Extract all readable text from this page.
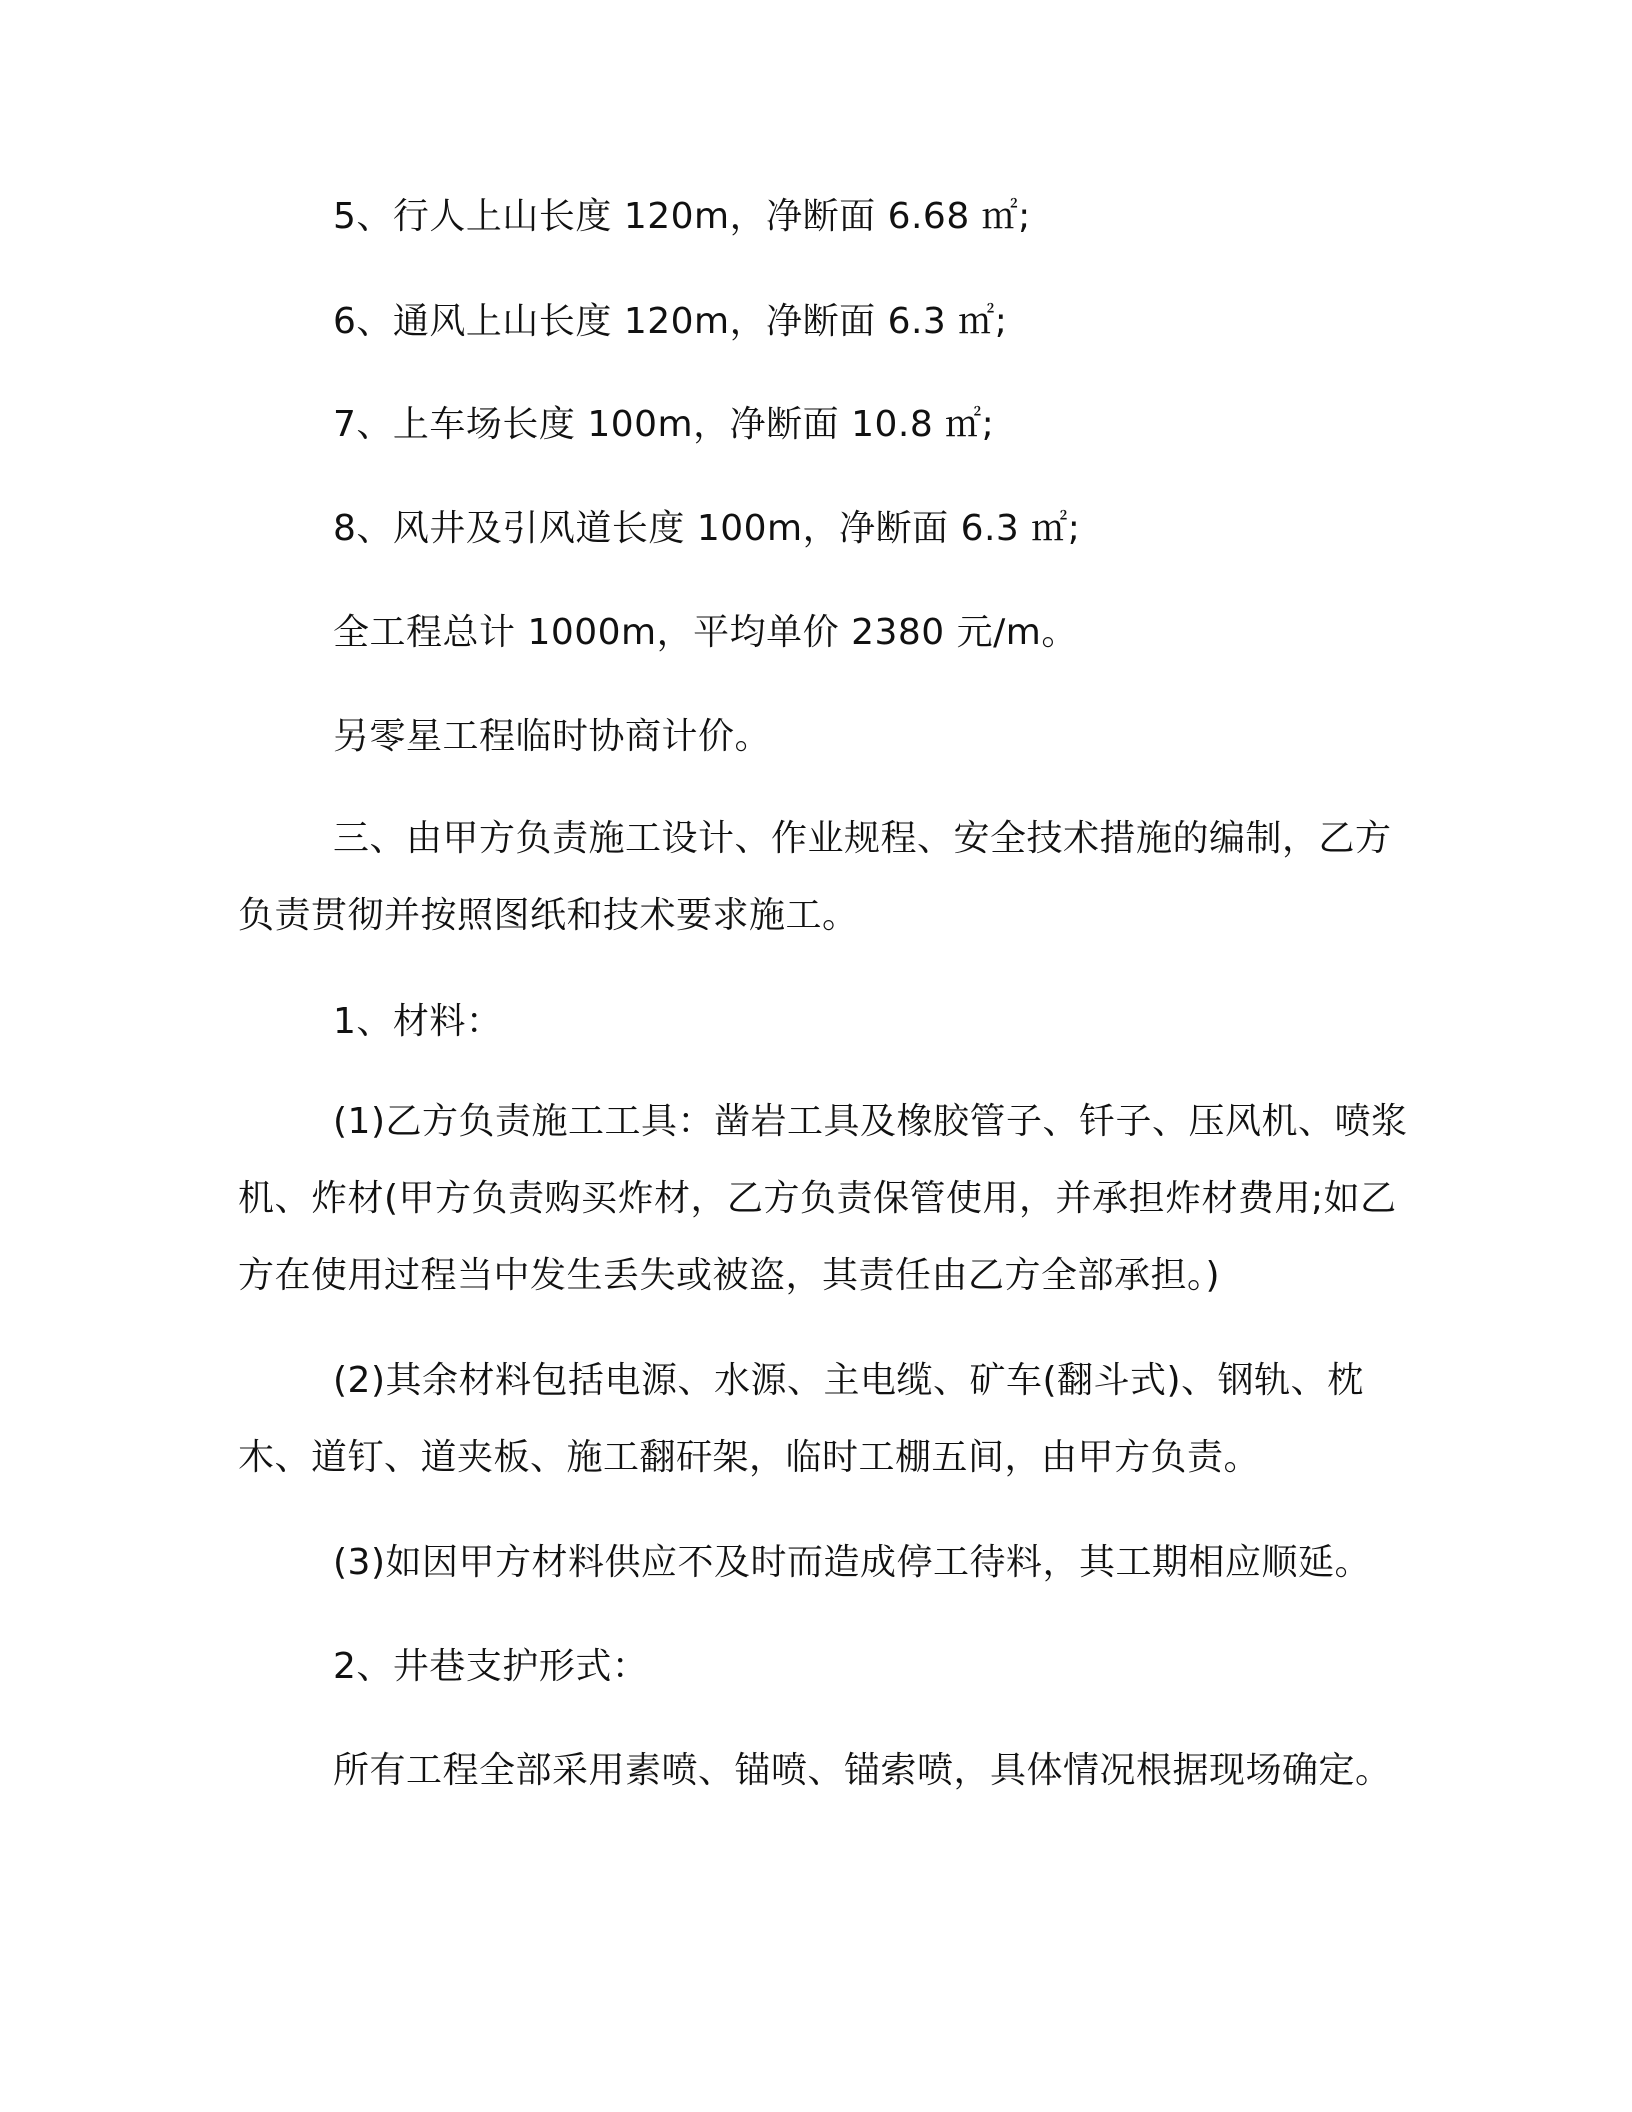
5、行人上山长度 120m，净断面 6.68 ㎡;

6、通风上山长度 120m，净断面 6.3 ㎡;

7、上车场长度 100m，净断面 10.8 ㎡;

8、风井及引风道长度 100m，净断面 6.3 ㎡;

全工程总计 1000m，平均单价 2380 元/m。

另零星工程临时协商计价。

三、由甲方负责施工设计、作业规程、安全技术措施的编制，乙方负责贯彻并按照图纸和技术要求施工。

1、材料：

(1)乙方负责施工工具：凿岩工具及橡胶管子、钎子、压风机、喷浆机、炸材(甲方负责购买炸材，乙方负责保管使用，并承担炸材费用;如乙方在使用过程当中发生丢失或被盗，其责任由乙方全部承担。)

(2)其余材料包括电源、水源、主电缆、矿车(翻斗式)、钢轨、枕木、道钉、道夹板、施工翻矸架，临时工棚五间，由甲方负责。

(3)如因甲方材料供应不及时而造成停工待料，其工期相应顺延。

2、井巷支护形式：

所有工程全部采用素喷、锚喷、锚索喷，具体情况根据现场确定。
